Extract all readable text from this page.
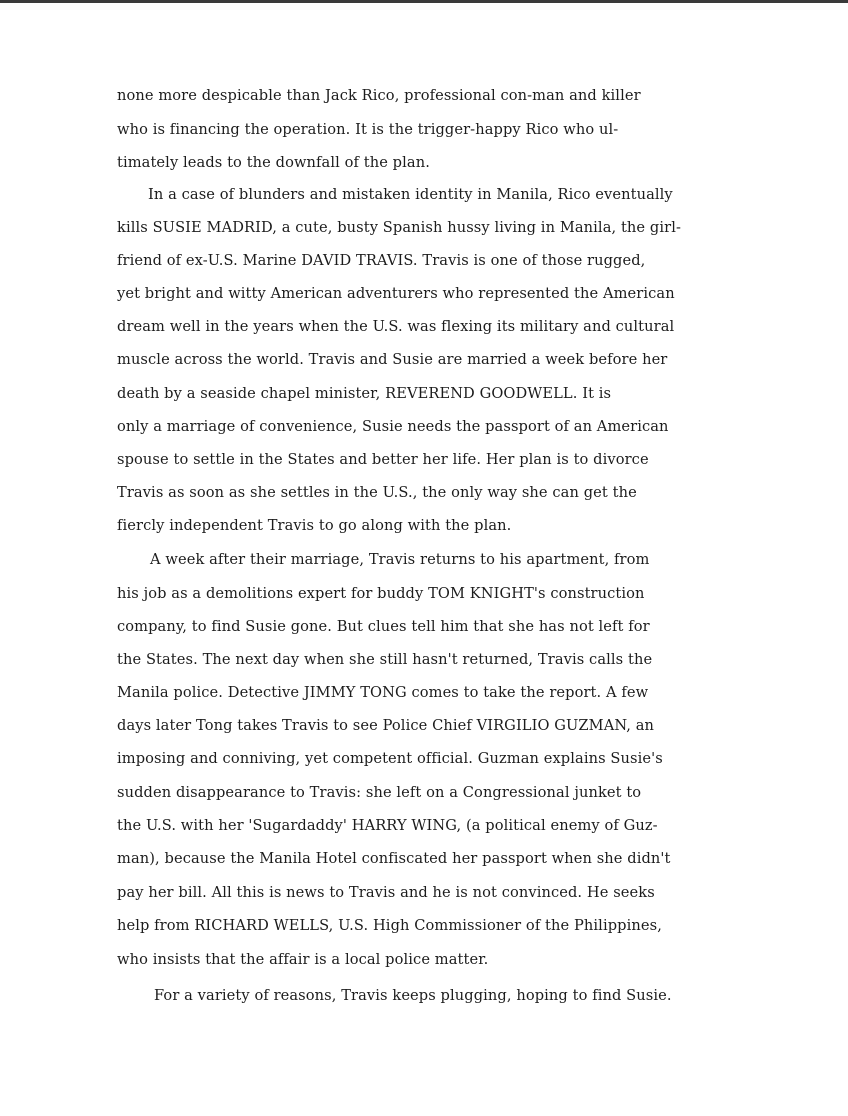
none more despicable than Jack Rico, professional con-man and killer
who is financing the operation. It is the trigger-happy Rico who ul-
timately leads to the downfall of the plan.
In a case of blunders and mistaken identity in Manila, Rico eventually
kills SUSIE MADRID, a cute, busty Spanish hussy living in Manila, the girl-
friend of ex-U.S. Marine DAVID TRAVIS. Travis is one of those rugged,
yet bright and witty American adventurers who represented the American
dream well in the years when the U.S. was flexing its military and cultural
muscle across the world. Travis and Susie are married a week before her
death by a seaside chapel minister, REVEREND GOODWELL. It is
only a marriage of convenience, Susie needs the passport of an American
spouse to settle in the States and better her life. Her plan is to divorce
Travis as soon as she settles in the U.S., the only way she can get the
fiercly independent Travis to go along with the plan.
A week after their marriage, Travis returns to his apartment, from
his job as a demolitions expert for buddy TOM KNIGHT's construction
company, to find Susie gone. But clues tell him that she has not left for
the States. The next day when she still hasn't returned, Travis calls the
Manila police. Detective JIMMY TONG comes to take the report. A few
days later Tong takes Travis to see Police Chief VIRGILIO GUZMAN, an
imposing and conniving, yet competent official. Guzman explains Susie's
sudden disappearance to Travis: she left on a Congressional junket to
the U.S. with her 'Sugardaddy' HARRY WING, (a political enemy of Guz-
man), because the Manila Hotel confiscated her passport when she didn't
pay her bill. All this is news to Travis and he is not convinced. He seeks
help from RICHARD WELLS, U.S. High Commissioner of the Philippines,
who insists that the affair is a local police matter.
For a variety of reasons, Travis keeps plugging, hoping to find Susie.
